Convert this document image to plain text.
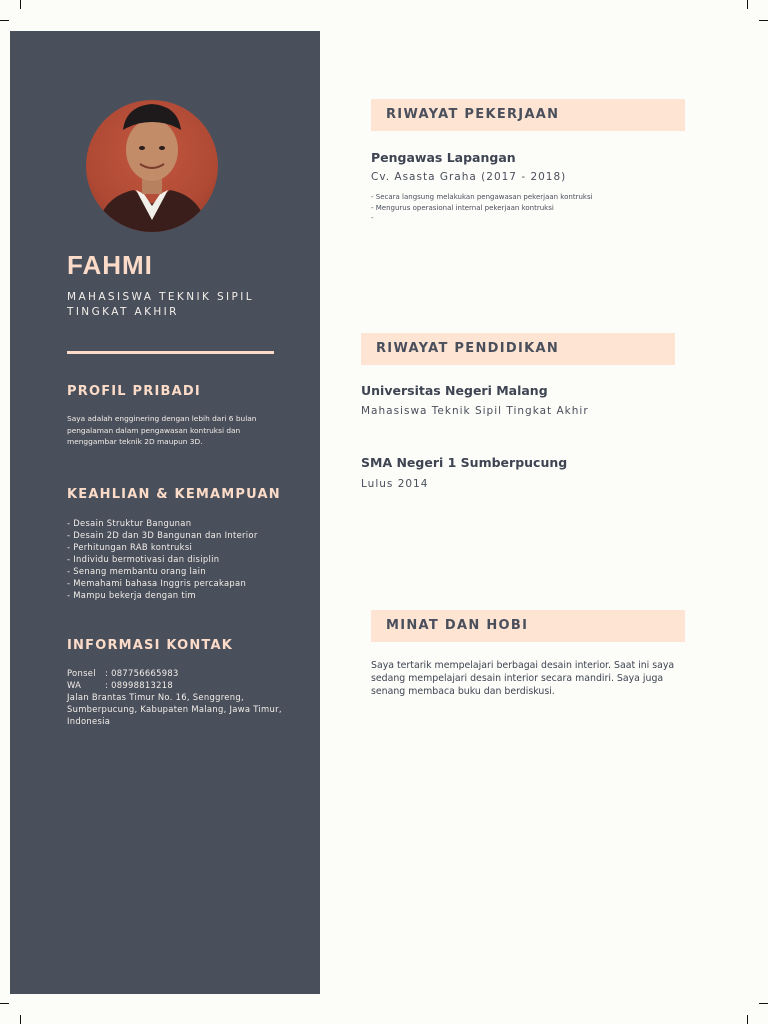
FAHMI
MAHASISWA TEKNIK SIPIL TINGKAT AKHIR
PROFIL PRIBADI
Saya adalah engginering dengan lebih dari 6 bulan pengalaman dalam pengawasan kontruksi dan menggambar teknik 2D maupun 3D.
KEAHLIAN & KEMAMPUAN
- Desain Struktur Bangunan
- Desain 2D dan 3D Bangunan dan Interior
- Perhitungan RAB kontruksi
- Individu bermotivasi dan disiplin
- Senang membantu orang lain
- Memahami bahasa Inggris percakapan
- Mampu bekerja dengan tim
INFORMASI KONTAK
Ponsel : 087756665983
WA	: 08998813218
Jalan Brantas Timur No. 16, Senggreng, Sumberpucung, Kabupaten Malang, Jawa Timur, Indonesia
RIWAYAT PEKERJAAN
Pengawas Lapangan
Cv. Asasta Graha (2017 - 2018)
- Secara langsung melakukan pengawasan pekerjaan kontruksi
- Mengurus operasional internal pekerjaan kontruksi
-
RIWAYAT PENDIDIKAN
Universitas Negeri Malang
Mahasiswa Teknik Sipil Tingkat Akhir
SMA Negeri 1 Sumberpucung
Lulus 2014
MINAT DAN HOBI
Saya tertarik mempelajari berbagai desain interior. Saat ini saya sedang mempelajari desain interior secara mandiri. Saya juga senang membaca buku dan berdiskusi.
